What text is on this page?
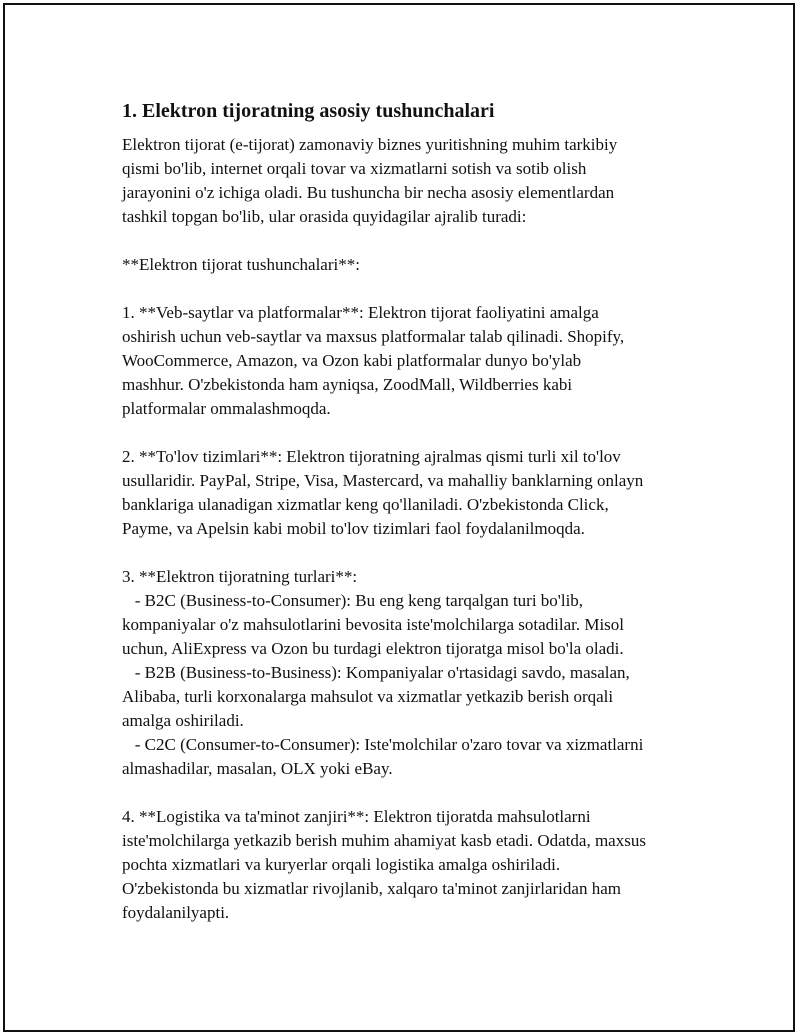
1. Elektron tijoratning asosiy tushunchalari

Elektron tijorat (e-tijorat) zamonaviy biznes yuritishning muhim tarkibiy
qismi bo'lib, internet orqali tovar va xizmatlarni sotish va sotib olish
jarayonini o'z ichiga oladi. Bu tushuncha bir necha asosiy elementlardan
tashkil topgan bo'lib, ular orasida quyidagilar ajralib turadi:

**Elektron tijorat tushunchalari**:

1. **Veb-saytlar va platformalar**: Elektron tijorat faoliyatini amalga
oshirish uchun veb-saytlar va maxsus platformalar talab qilinadi. Shopify,
WooCommerce, Amazon, va Ozon kabi platformalar dunyo bo'ylab
mashhur. O'zbekistonda ham ayniqsa, ZoodMall, Wildberries kabi
platformalar ommalashmoqda.

2. **To'lov tizimlari**: Elektron tijoratning ajralmas qismi turli xil to'lov
usullaridir. PayPal, Stripe, Visa, Mastercard, va mahalliy banklarning onlayn
banklariga ulanadigan xizmatlar keng qo'llaniladi. O'zbekistonda Click,
Payme, va Apelsin kabi mobil to'lov tizimlari faol foydalanilmoqda.

3. **Elektron tijoratning turlari**:
- B2C (Business-to-Consumer): Bu eng keng tarqalgan turi bo'lib,
kompaniyalar o'z mahsulotlarini bevosita iste'molchilarga sotadilar. Misol
uchun, AliExpress va Ozon bu turdagi elektron tijoratga misol bo'la oladi.
- B2B (Business-to-Business): Kompaniyalar o'rtasidagi savdo, masalan,
Alibaba, turli korxonalarga mahsulot va xizmatlar yetkazib berish orqali
amalga oshiriladi.
- C2C (Consumer-to-Consumer): Iste'molchilar o'zaro tovar va xizmatlarni
almashadilar, masalan, OLX yoki eBay.

4. **Logistika va ta'minot zanjiri**: Elektron tijoratda mahsulotlarni
iste'molchilarga yetkazib berish muhim ahamiyat kasb etadi. Odatda, maxsus
pochta xizmatlari va kuryerlar orqali logistika amalga oshiriladi.
O'zbekistonda bu xizmatlar rivojlanib, xalqaro ta'minot zanjirlaridan ham
foydalanilyapti.
